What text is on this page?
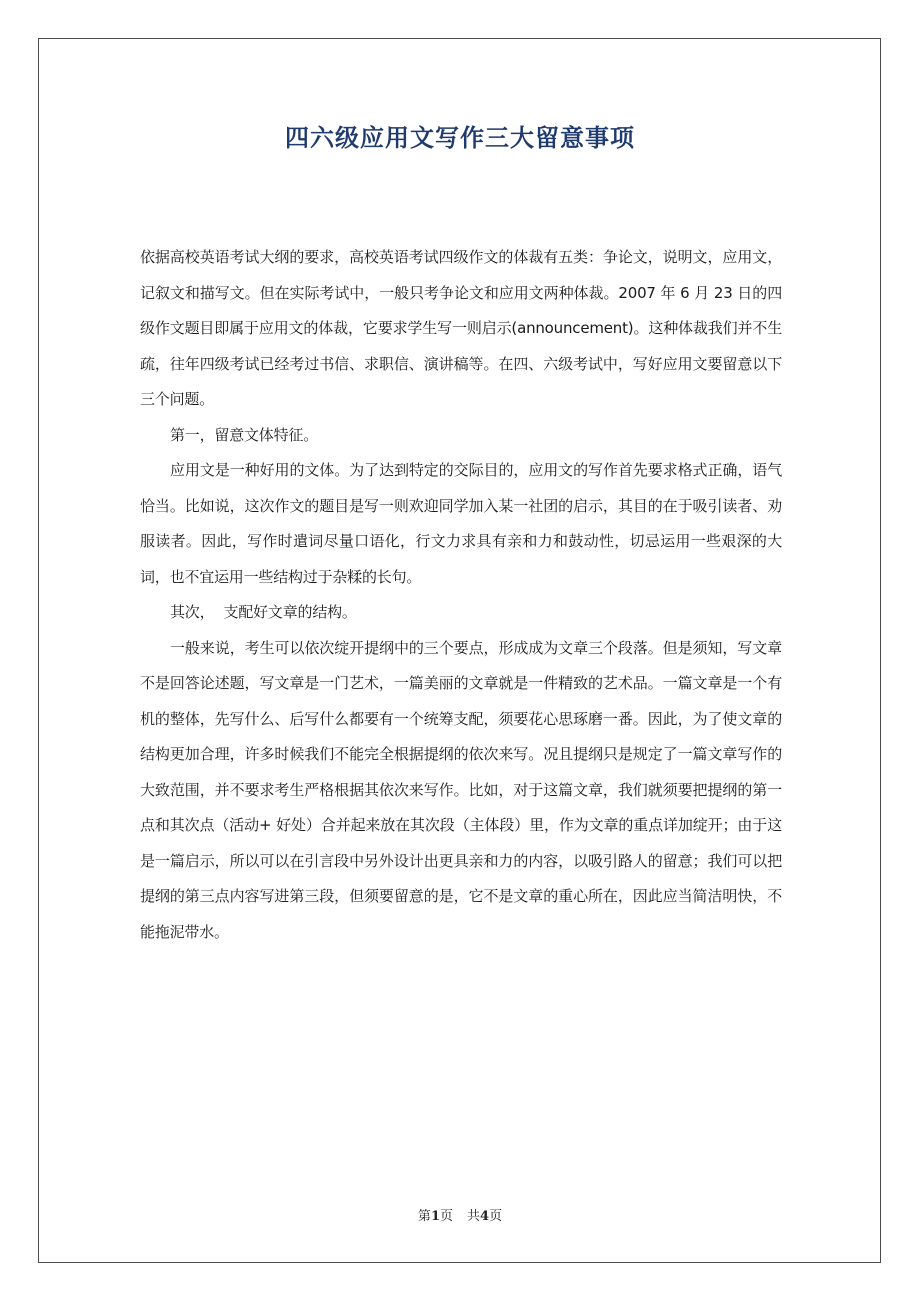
四六级应用文写作三大留意事项

依据高校英语考试大纲的要求，高校英语考试四级作文的体裁有五类：争论文，说明文，应用文，记叙文和描写文。但在实际考试中，一般只考争论文和应用文两种体裁。2007 年 6 月 23 日的四级作文题目即属于应用文的体裁，它要求学生写一则启示(announcement)。这种体裁我们并不生疏，往年四级考试已经考过书信、求职信、演讲稿等。在四、六级考试中，写好应用文要留意以下三个问题。

第一，留意文体特征。

应用文是一种好用的文体。为了达到特定的交际目的，应用文的写作首先要求格式正确，语气恰当。比如说，这次作文的题目是写一则欢迎同学加入某一社团的启示，其目的在于吸引读者、劝服读者。因此，写作时遣词尽量口语化，行文力求具有亲和力和鼓动性，切忌运用一些艰深的大词，也不宜运用一些结构过于杂糅的长句。

其次，  支配好文章的结构。

一般来说，考生可以依次绽开提纲中的三个要点，形成成为文章三个段落。但是须知，写文章不是回答论述题，写文章是一门艺术，一篇美丽的文章就是一件精致的艺术品。一篇文章是一个有机的整体，先写什么、后写什么都要有一个统筹支配，须要花心思琢磨一番。因此，为了使文章的结构更加合理，许多时候我们不能完全根据提纲的依次来写。况且提纲只是规定了一篇文章写作的大致范围，并不要求考生严格根据其依次来写作。比如，对于这篇文章，我们就须要把提纲的第一点和其次点（活动+ 好处）合并起来放在其次段（主体段）里，作为文章的重点详加绽开；由于这是一篇启示，所以可以在引言段中另外设计出更具亲和力的内容，以吸引路人的留意；我们可以把提纲的第三点内容写进第三段，但须要留意的是，它不是文章的重心所在，因此应当简洁明快，不能拖泥带水。

第1页 共4页
